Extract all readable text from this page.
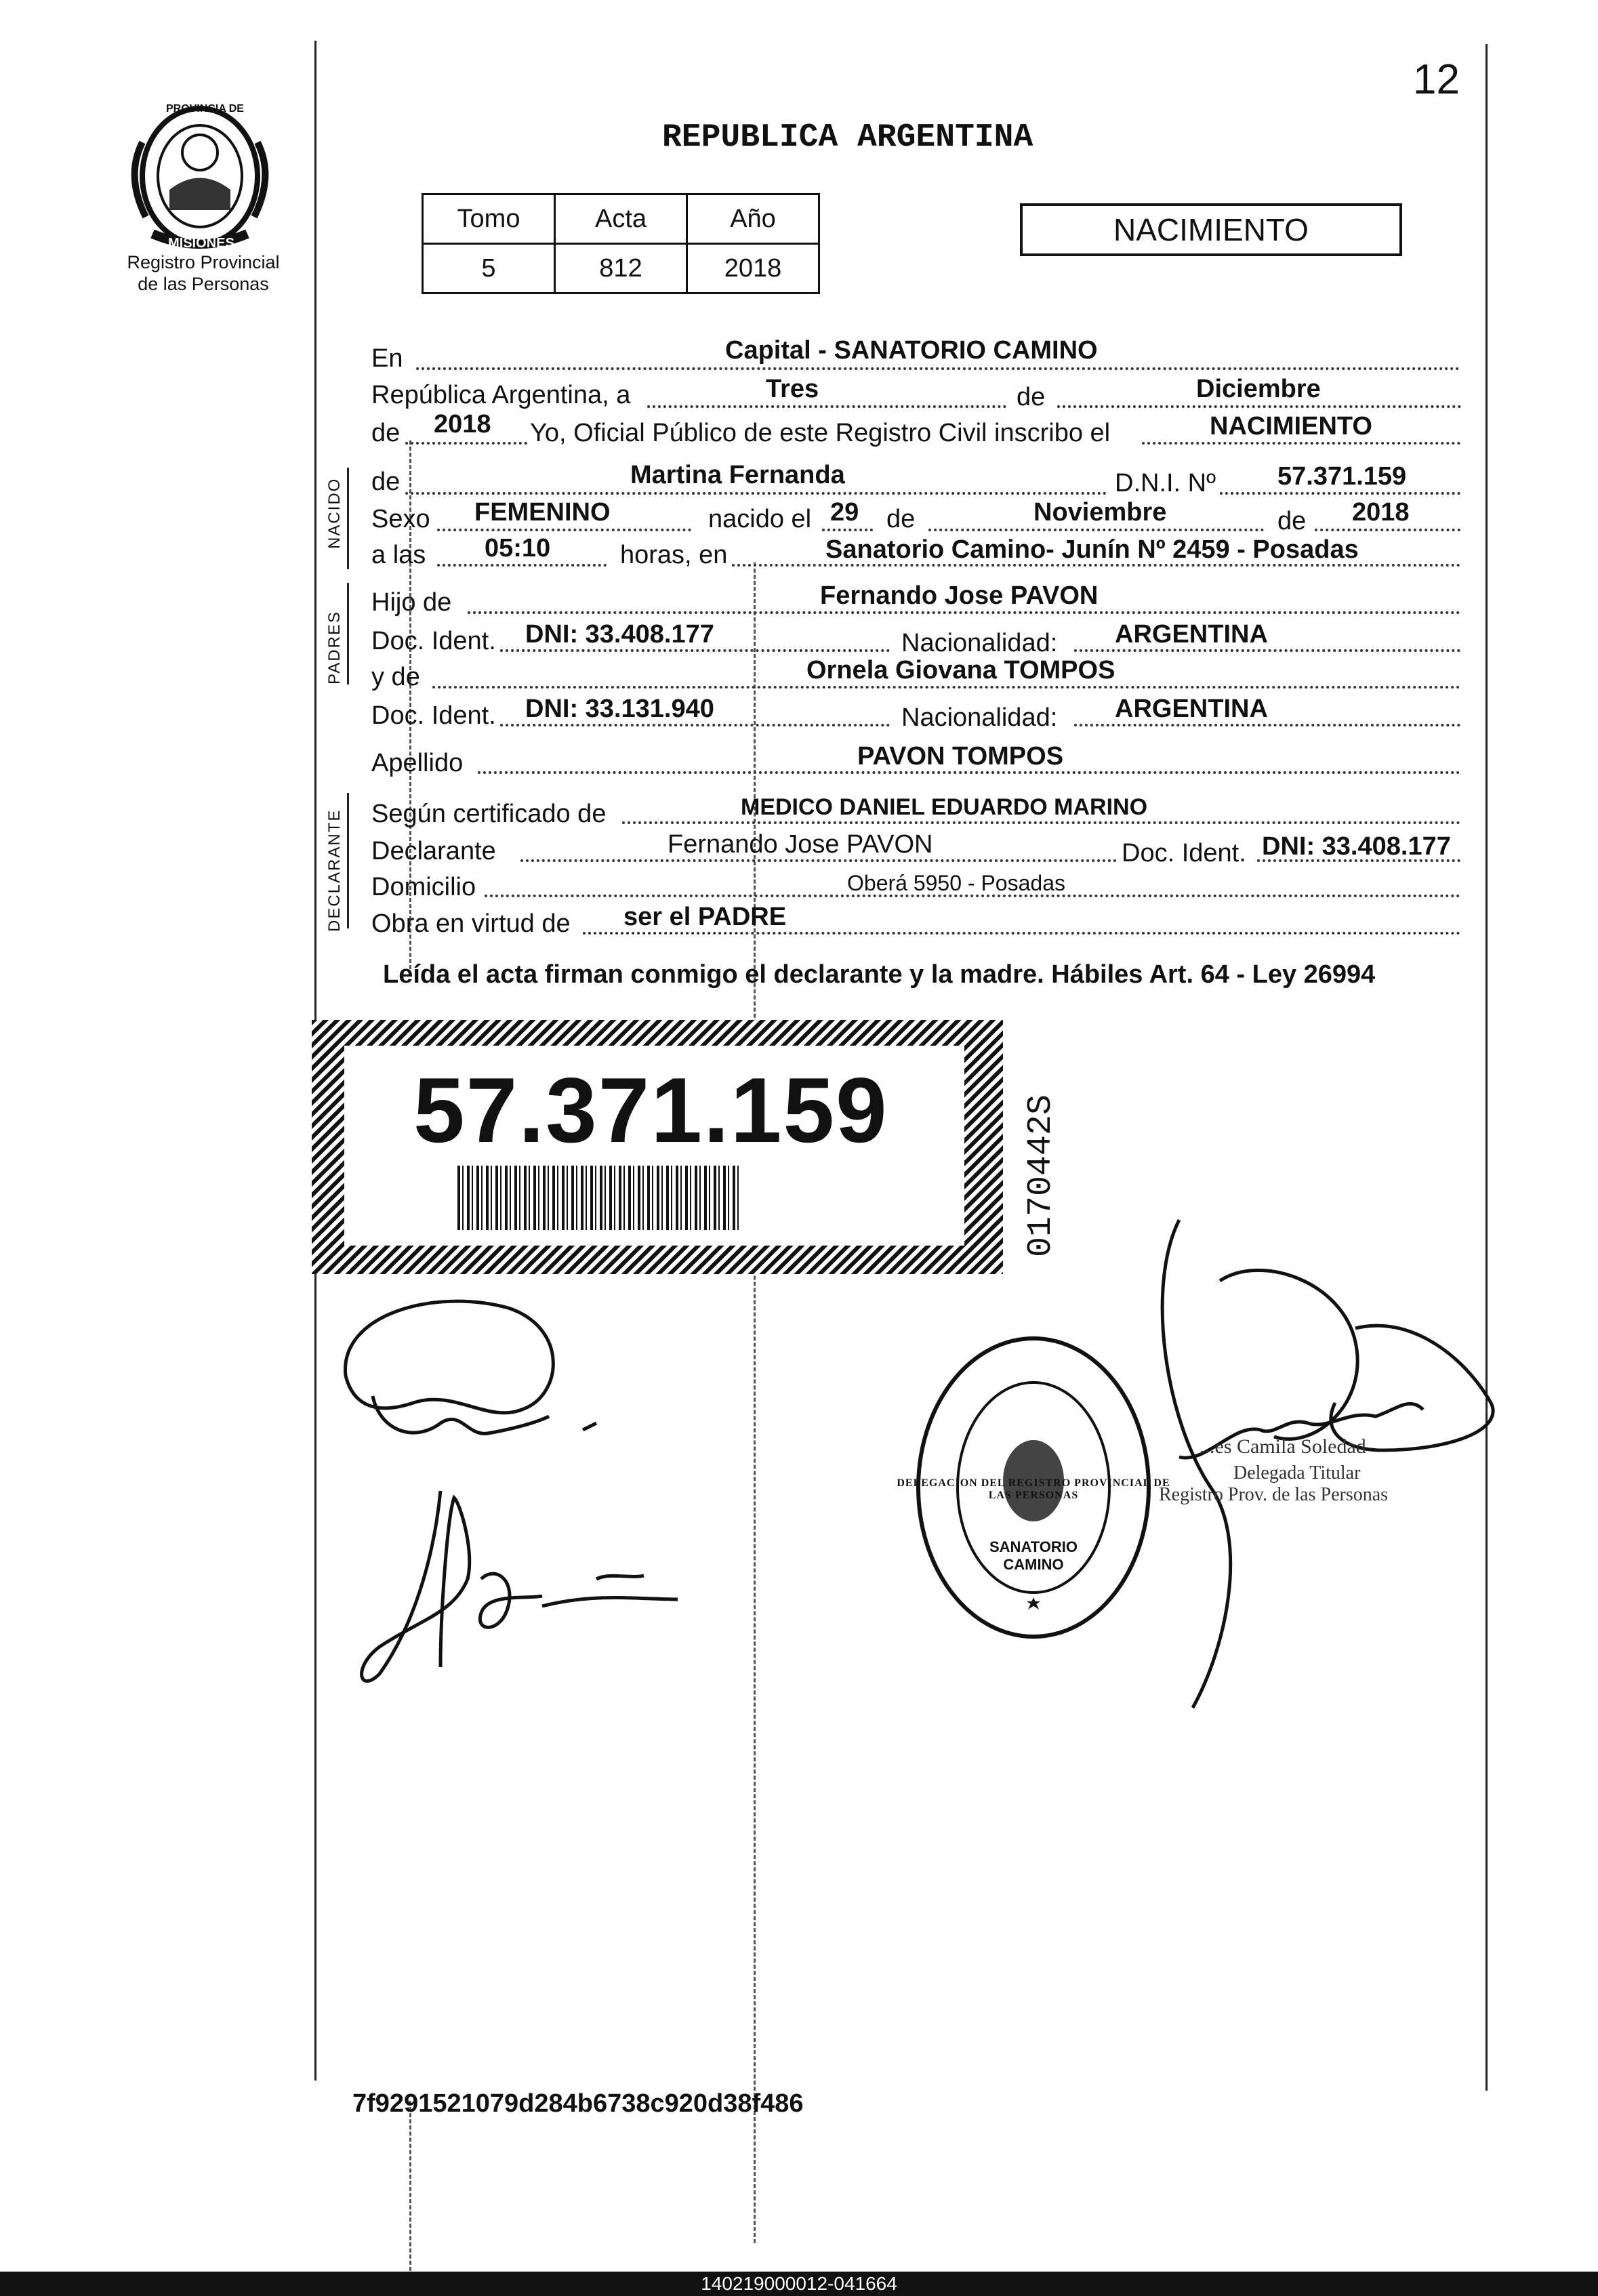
12
PROVINCIA DE
MISIONES
Registro Provincial
de las Personas
REPUBLICA ARGENTINA
Tomo	Acta	Año
5	812	2018
NACIMIENTO
En	Capital - SANATORIO CAMINO
República Argentina, a	Tres	de	Diciembre
de 2018 Yo, Oficial Público de este Registro Civil inscribo el	NACIMIENTO
NACIDO de	Martina Fernanda	D.N.I. Nº 57.371.159
Sexo FEMENINO	nacido el 29 de	Noviembre	de 2018
a las 05:10	horas, en	Sanatorio Camino- Junín Nº 2459 - Posadas
PADRES
Hijo de	Fernando Jose PAVON
Doc. Ident. DNI: 33.408.177	Nacionalidad: ARGENTINA
y de	Ornela Giovana TOMPOS
Doc. Ident. DNI: 33.131.940	Nacionalidad: ARGENTINA
Apellido	PAVON TOMPOS
DECLARANTE Según certificado de	MEDICO DANIEL EDUARDO MARINO
Declarante	Fernando Jose PAVON	Doc. Ident. DNI: 33.408.177
Domicilio	Oberá 5950 - Posadas
Obra en virtud de ser el PADRE
Leída el acta firman conmigo el declarante y la madre. Hábiles Art. 64 - Ley 26994
57.371.159	0170442S
DELEGACION DEL REGISTRO PROVINCIAL DE LAS PERSONAS
SANATORIO CAMINO
...es Camila Soledad
Delegada Titular
Registro Prov. de las Personas
7f9291521079d284b6738c920d38f486
140219000012-041664
